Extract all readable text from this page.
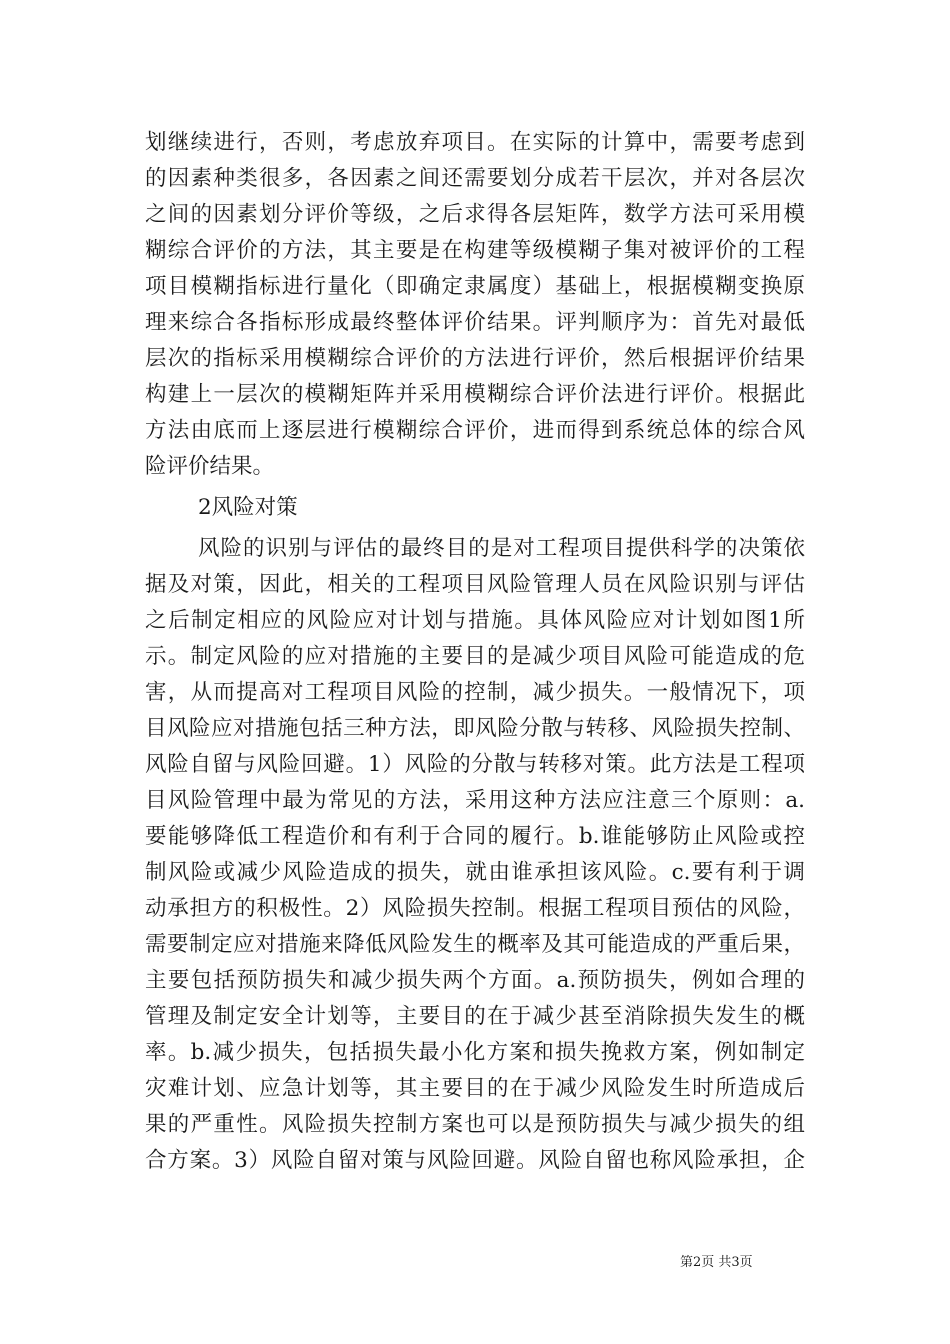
划继续进行，否则，考虑放弃项目。在实际的计算中，需要考虑到
的因素种类很多，各因素之间还需要划分成若干层次，并对各层次
之间的因素划分评价等级，之后求得各层矩阵，数学方法可采用模
糊综合评价的方法，其主要是在构建等级模糊子集对被评价的工程
项目模糊指标进行量化（即确定隶属度）基础上，根据模糊变换原
理来综合各指标形成最终整体评价结果。评判顺序为：首先对最低
层次的指标采用模糊综合评价的方法进行评价，然后根据评价结果
构建上一层次的模糊矩阵并采用模糊综合评价法进行评价。根据此
方法由底而上逐层进行模糊综合评价，进而得到系统总体的综合风
险评价结果。
2风险对策
风险的识别与评估的最终目的是对工程项目提供科学的决策依
据及对策，因此，相关的工程项目风险管理人员在风险识别与评估
之后制定相应的风险应对计划与措施。具体风险应对计划如图1所
示。制定风险的应对措施的主要目的是减少项目风险可能造成的危
害，从而提高对工程项目风险的控制，减少损失。一般情况下，项
目风险应对措施包括三种方法，即风险分散与转移、风险损失控制、
风险自留与风险回避。1）风险的分散与转移对策。此方法是工程项
目风险管理中最为常见的方法，采用这种方法应注意三个原则：a.
要能够降低工程造价和有利于合同的履行。b.谁能够防止风险或控
制风险或减少风险造成的损失，就由谁承担该风险。c.要有利于调
动承担方的积极性。2）风险损失控制。根据工程项目预估的风险，
需要制定应对措施来降低风险发生的概率及其可能造成的严重后果，
主要包括预防损失和减少损失两个方面。a.预防损失，例如合理的
管理及制定安全计划等，主要目的在于减少甚至消除损失发生的概
率。b.减少损失，包括损失最小化方案和损失挽救方案，例如制定
灾难计划、应急计划等，其主要目的在于减少风险发生时所造成后
果的严重性。风险损失控制方案也可以是预防损失与减少损失的组
合方案。3）风险自留对策与风险回避。风险自留也称风险承担，企
第2页 共3页
